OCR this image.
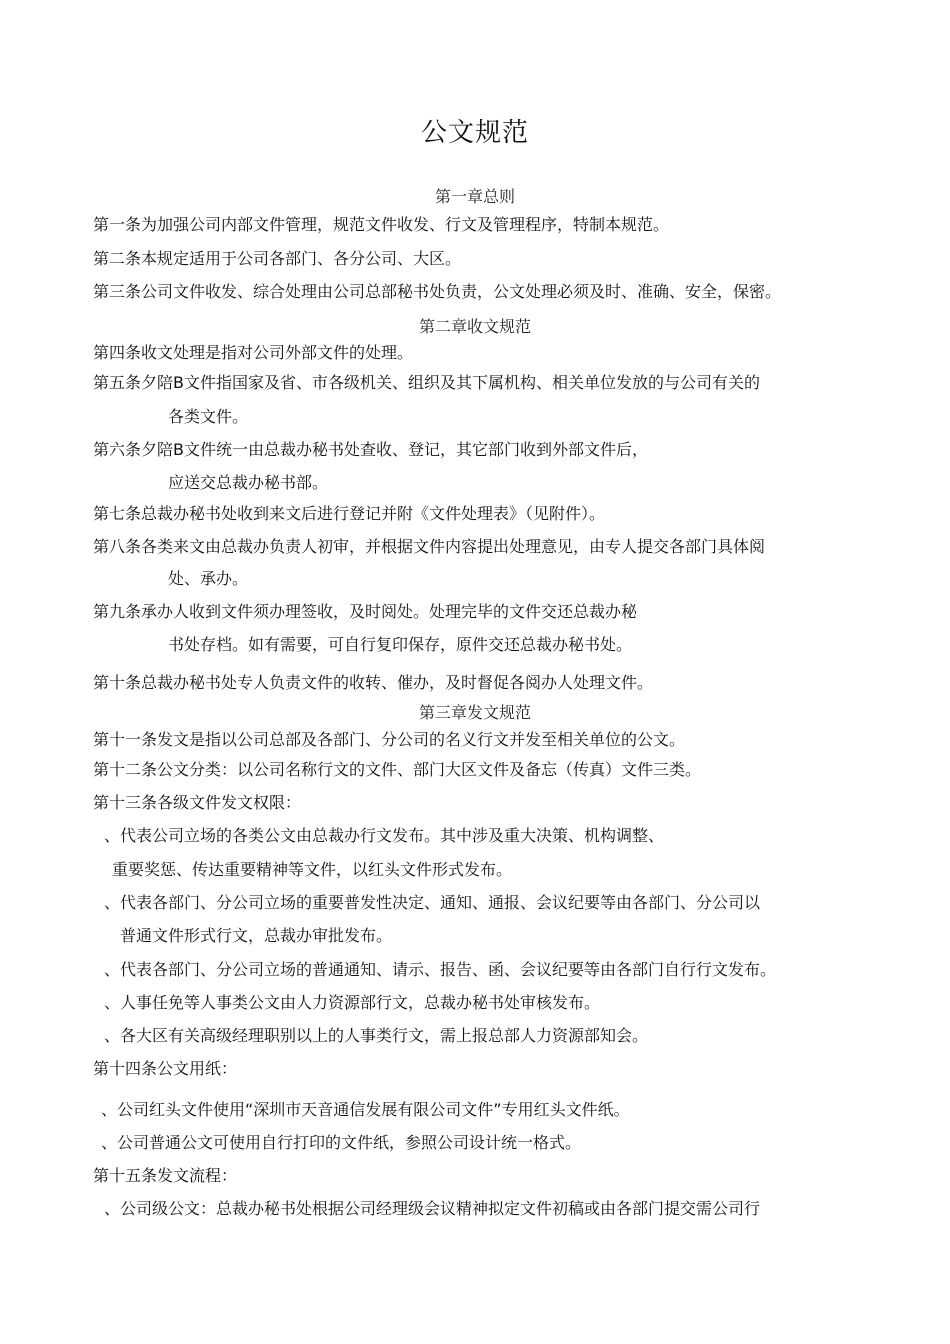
公文规范
第一章总则
第一条为加强公司内部文件管理，规范文件收发、行文及管理程序，特制本规范。
第二条本规定适用于公司各部门、各分公司、大区。
第三条公司文件收发、综合处理由公司总部秘书处负责，公文处理必须及时、准确、安全，保密。
第二章收文规范
第四条收文处理是指对公司外部文件的处理。
第五条夕陪B文件指国家及省、市各级机关、组织及其下属机构、相关单位发放的与公司有关的
各类文件。
第六条夕陪B文件统一由总裁办秘书处查收、登记，其它部门收到外部文件后，
应送交总裁办秘书部。
第七条总裁办秘书处收到来文后进行登记并附《文件处理表》（见附件）。
第八条各类来文由总裁办负责人初审，并根据文件内容提出处理意见，由专人提交各部门具体阅
处、承办。
第九条承办人收到文件须办理签收，及时阅处。处理完毕的文件交还总裁办秘
书处存档。如有需要，可自行复印保存，原件交还总裁办秘书处。
第十条总裁办秘书处专人负责文件的收转、催办，及时督促各阅办人处理文件。
第三章发文规范
第十一条发文是指以公司总部及各部门、分公司的名义行文并发至相关单位的公文。
第十二条公文分类：以公司名称行文的文件、部门大区文件及备忘（传真）文件三类。
第十三条各级文件发文权限：
、代表公司立场的各类公文由总裁办行文发布。其中涉及重大决策、机构调整、
重要奖惩、传达重要精神等文件，以红头文件形式发布。
、代表各部门、分公司立场的重要普发性决定、通知、通报、会议纪要等由各部门、分公司以
普通文件形式行文，总裁办审批发布。
、代表各部门、分公司立场的普通通知、请示、报告、函、会议纪要等由各部门自行行文发布。
、人事任免等人事类公文由人力资源部行文，总裁办秘书处审核发布。
、各大区有关高级经理职别以上的人事类行文，需上报总部人力资源部知会。
第十四条公文用纸：
、公司红头文件使用“深圳市天音通信发展有限公司文件”专用红头文件纸。
、公司普通公文可使用自行打印的文件纸，参照公司设计统一格式。
第十五条发文流程：
、公司级公文：总裁办秘书处根据公司经理级会议精神拟定文件初稿或由各部门提交需公司行
